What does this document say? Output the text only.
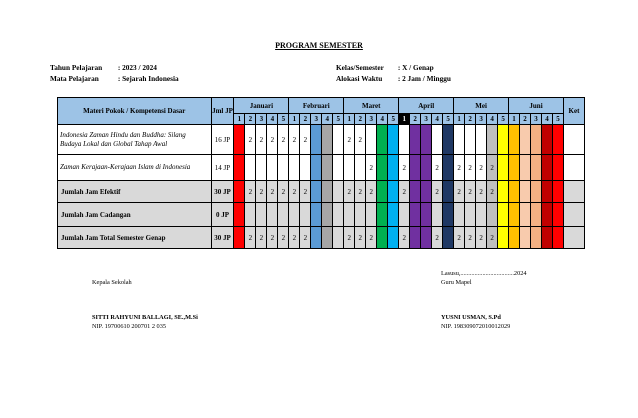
PROGRAM SEMESTER
Tahun Pelajaran : 2023 / 2024
Mata Pelajaran	: Sejarah Indonesia
Kelas/Semester : X / Genap
Alokasi Waktu : 2 Jam / Minggu
Materi Pokok / Kompetensi Dasar	Jml JP	Januari					Februari					Maret					April					Mei					Juni					Ket
		1	2	3	4	5	1	2	3	4	5	1	2	3	4	5	1	2	3	4	5	1	2	3	4	5	1	2	3	4	5	
Indonesia Zaman Hindu dan Buddha: Silang Budaya Lokal dan Global Tahap Awal	16 JP		2	2	2	2	2	2				2	2																			
Zaman Kerajaan-Kerajaan Islam di Indonesia	14 JP													2			2			2		2	2	2	2							
Jumlah Jam Efektif	30 JP		2	2	2	2	2	2				2	2	2			2			2		2	2	2	2							
Jumlah Jam Cadangan	0 JP																															
Jumlah Jam Total Semester Genap	30 JP		2	2	2	2	2	2				2	2	2			2			2		2	2	2	2							
Lasusu,..................................2024
Kepala Sekolah	Guru Mapel
SITTI RAHYUNI BALLAGI, SE.,M.Si
NIP. 19700610 200701 2 035
YUSNI USMAN, S.Pd
NIP. 198309072010012029
